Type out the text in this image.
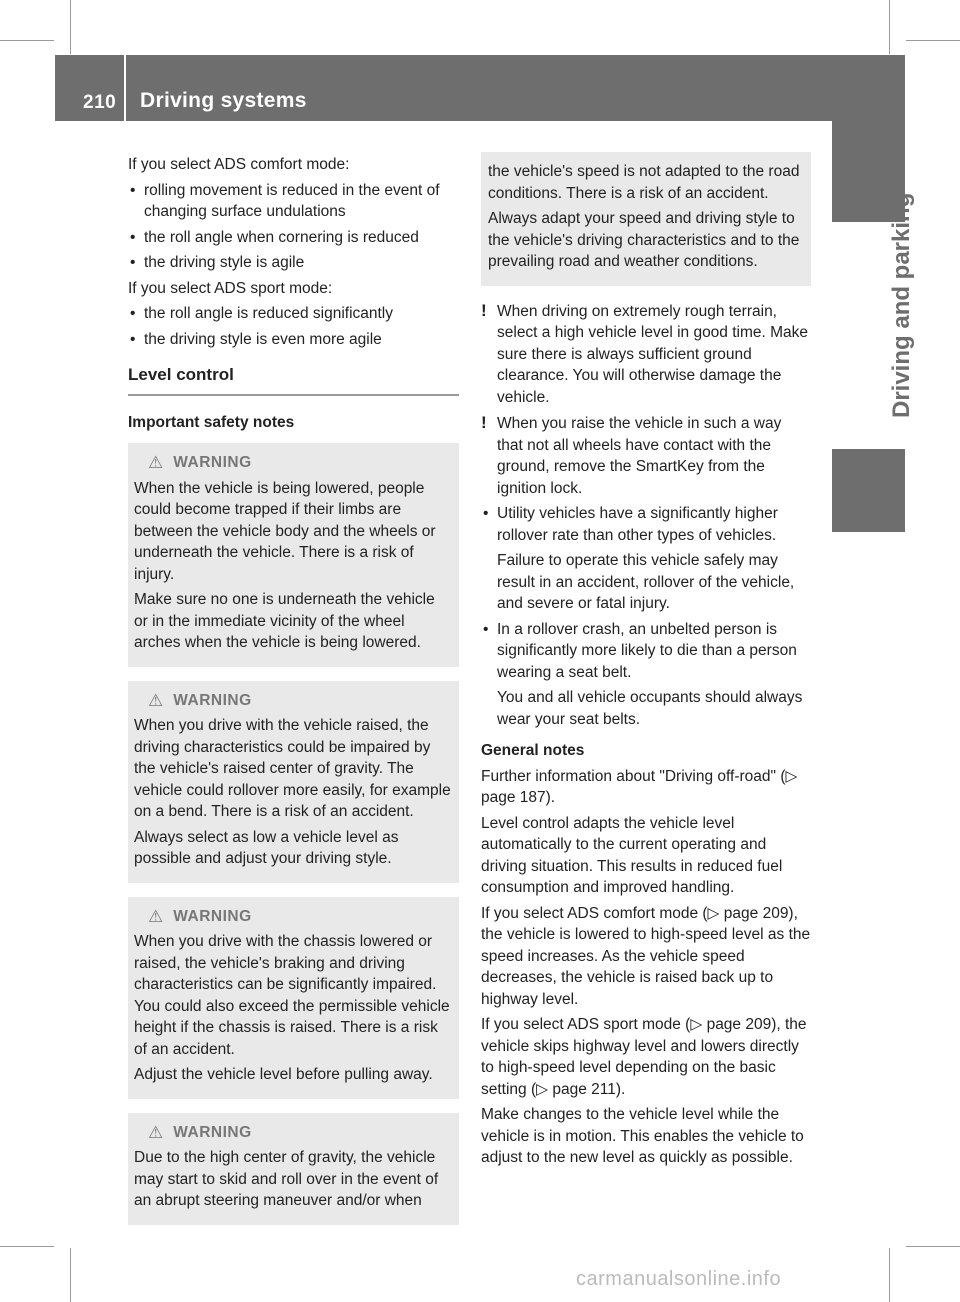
210 Driving systems
Driving and parking

If you select ADS comfort mode:

• rolling movement is reduced in the event of changing surface undulations

• the roll angle when cornering is reduced

• the driving style is agile

If you select ADS sport mode:

• the roll angle is reduced significantly

• the driving style is even more agile

Level control
Important safety notes
⚠ WARNING

When the vehicle is being lowered, people could become trapped if their limbs are between the vehicle body and the wheels or underneath the vehicle. There is a risk of injury.

Make sure no one is underneath the vehicle or in the immediate vicinity of the wheel arches when the vehicle is being lowered.

⚠ WARNING

When you drive with the vehicle raised, the driving characteristics could be impaired by the vehicle's raised center of gravity. The vehicle could rollover more easily, for example on a bend. There is a risk of an accident.

Always select as low a vehicle level as possible and adjust your driving style.

⚠ WARNING

When you drive with the chassis lowered or raised, the vehicle's braking and driving characteristics can be significantly impaired. You could also exceed the permissible vehicle height if the chassis is raised. There is a risk of an accident.

Adjust the vehicle level before pulling away.

⚠ WARNING

Due to the high center of gravity, the vehicle may start to skid and roll over in the event of an abrupt steering maneuver and/or when

the vehicle's speed is not adapted to the road conditions. There is a risk of an accident.

Always adapt your speed and driving style to the vehicle's driving characteristics and to the prevailing road and weather conditions.

! When driving on extremely rough terrain, select a high vehicle level in good time. Make sure there is always sufficient ground clearance. You will otherwise damage the vehicle.

! When you raise the vehicle in such a way that not all wheels have contact with the ground, remove the SmartKey from the ignition lock.

• Utility vehicles have a significantly higher rollover rate than other types of vehicles.

Failure to operate this vehicle safely may result in an accident, rollover of the vehicle, and severe or fatal injury.

• In a rollover crash, an unbelted person is significantly more likely to die than a person wearing a seat belt.

You and all vehicle occupants should always wear your seat belts.

General notes

Further information about "Driving off-road" (▷ page 187).

Level control adapts the vehicle level automatically to the current operating and driving situation. This results in reduced fuel consumption and improved handling.

If you select ADS comfort mode (▷ page 209), the vehicle is lowered to high-speed level as the speed increases. As the vehicle speed decreases, the vehicle is raised back up to highway level.

If you select ADS sport mode (▷ page 209), the vehicle skips highway level and lowers directly to high-speed level depending on the basic setting (▷ page 211).

Make changes to the vehicle level while the vehicle is in motion. This enables the vehicle to adjust to the new level as quickly as possible.

carmanualsonline.info
